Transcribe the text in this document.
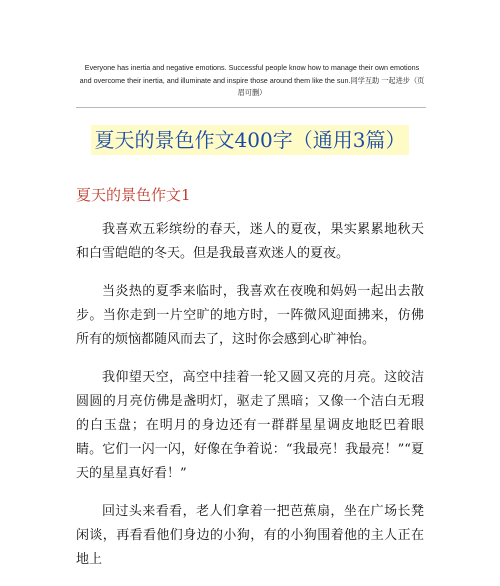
Everyone has inertia and negative emotions. Successful people know how to manage their own emotions and overcome their inertia, and illuminate and inspire those around them like the sun.同学互助 一起进步（页眉可删）
夏天的景色作文400字（通用3篇）
夏天的景色作文1

我喜欢五彩缤纷的春天，迷人的夏夜，果实累累地秋天和白雪皑皑的冬天。但是我最喜欢迷人的夏夜。

当炎热的夏季来临时，我喜欢在夜晚和妈妈一起出去散步。当你走到一片空旷的地方时，一阵微风迎面拂来，仿佛所有的烦恼都随风而去了，这时你会感到心旷神怡。

我仰望天空，高空中挂着一轮又圆又亮的月亮。这皎洁圆圆的月亮仿佛是盏明灯，驱走了黑暗；又像一个洁白无瑕的白玉盘；在明月的身边还有一群群星星调皮地眨巴着眼睛。它们一闪一闪，好像在争着说：“我最亮！我最亮！”“夏天的星星真好看！”

回过头来看看，老人们拿着一把芭蕉扇，坐在广场长凳闲谈，再看看他们身边的小狗，有的小狗围着他的主人正在地上
